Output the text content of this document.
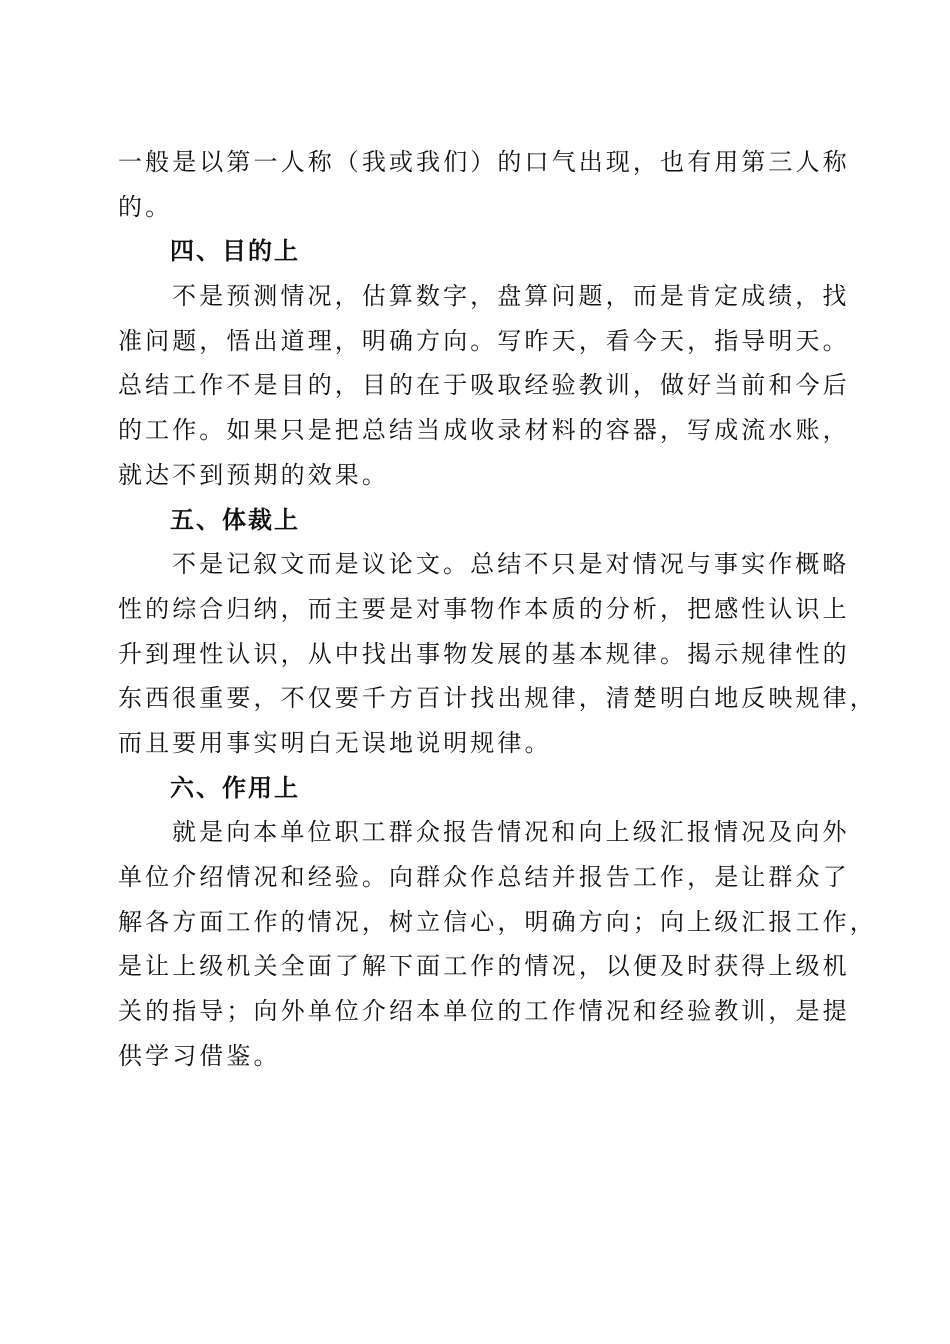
一般是以第一人称（我或我们）的口气出现，也有用第三人称
的。
四、目的上
不是预测情况，估算数字，盘算问题，而是肯定成绩，找
准问题，悟出道理，明确方向。写昨天，看今天，指导明天。
总结工作不是目的，目的在于吸取经验教训，做好当前和今后
的工作。如果只是把总结当成收录材料的容器，写成流水账，
就达不到预期的效果。
五、体裁上
不是记叙文而是议论文。总结不只是对情况与事实作概略
性的综合归纳，而主要是对事物作本质的分析，把感性认识上
升到理性认识，从中找出事物发展的基本规律。揭示规律性的
东西很重要，不仅要千方百计找出规律，清楚明白地反映规律，
而且要用事实明白无误地说明规律。
六、作用上
就是向本单位职工群众报告情况和向上级汇报情况及向外
单位介绍情况和经验。向群众作总结并报告工作，是让群众了
解各方面工作的情况，树立信心，明确方向；向上级汇报工作，
是让上级机关全面了解下面工作的情况，以便及时获得上级机
关的指导；向外单位介绍本单位的工作情况和经验教训，是提
供学习借鉴。
